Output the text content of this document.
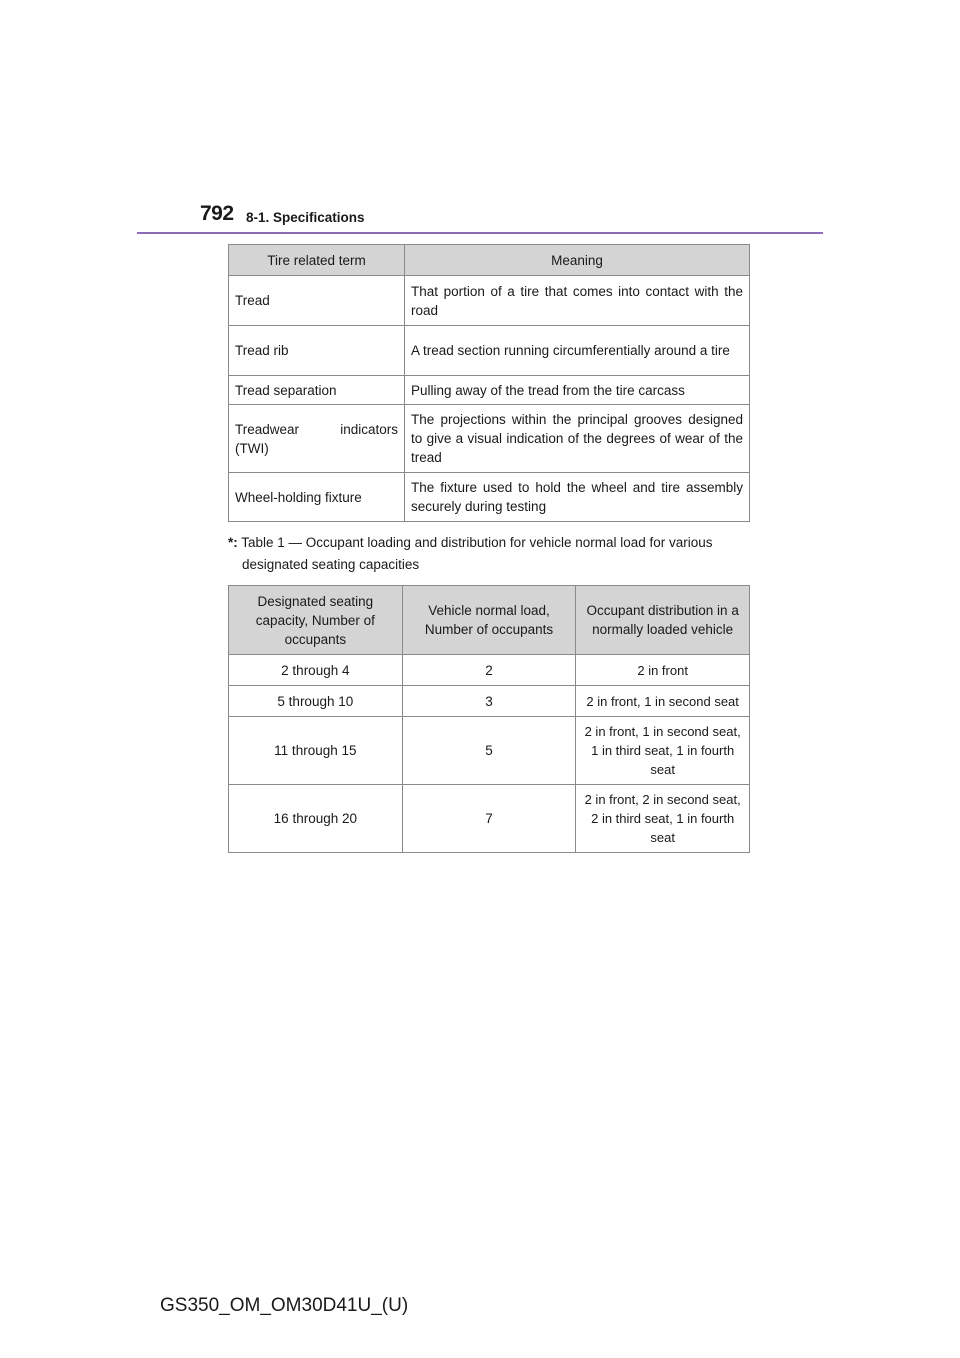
792 8-1. Specifications
Tire related term	Meaning
Tread	That portion of a tire that comes into contact with the road
Tread rib	A tread section running circumferentially around a tire
Tread separation	Pulling away of the tread from the tire carcass
Treadwear indicators (TWI)	The projections within the principal grooves designed to give a visual indication of the degrees of wear of the tread
Wheel-holding fixture	The fixture used to hold the wheel and tire assembly securely during testing
*: Table 1 — Occupant loading and distribution for vehicle normal load for various
designated seating capacities
Designated seating capacity, Number of occupants	Vehicle normal load, Number of occupants	Occupant distribution in a normally loaded vehicle
2 through 4	2	2 in front
5 through 10	3	2 in front, 1 in second seat
11 through 15	5	2 in front, 1 in second seat, 1 in third seat, 1 in fourth seat
16 through 20	7	2 in front, 2 in second seat, 2 in third seat, 1 in fourth seat
GS350_OM_OM30D41U_(U)
